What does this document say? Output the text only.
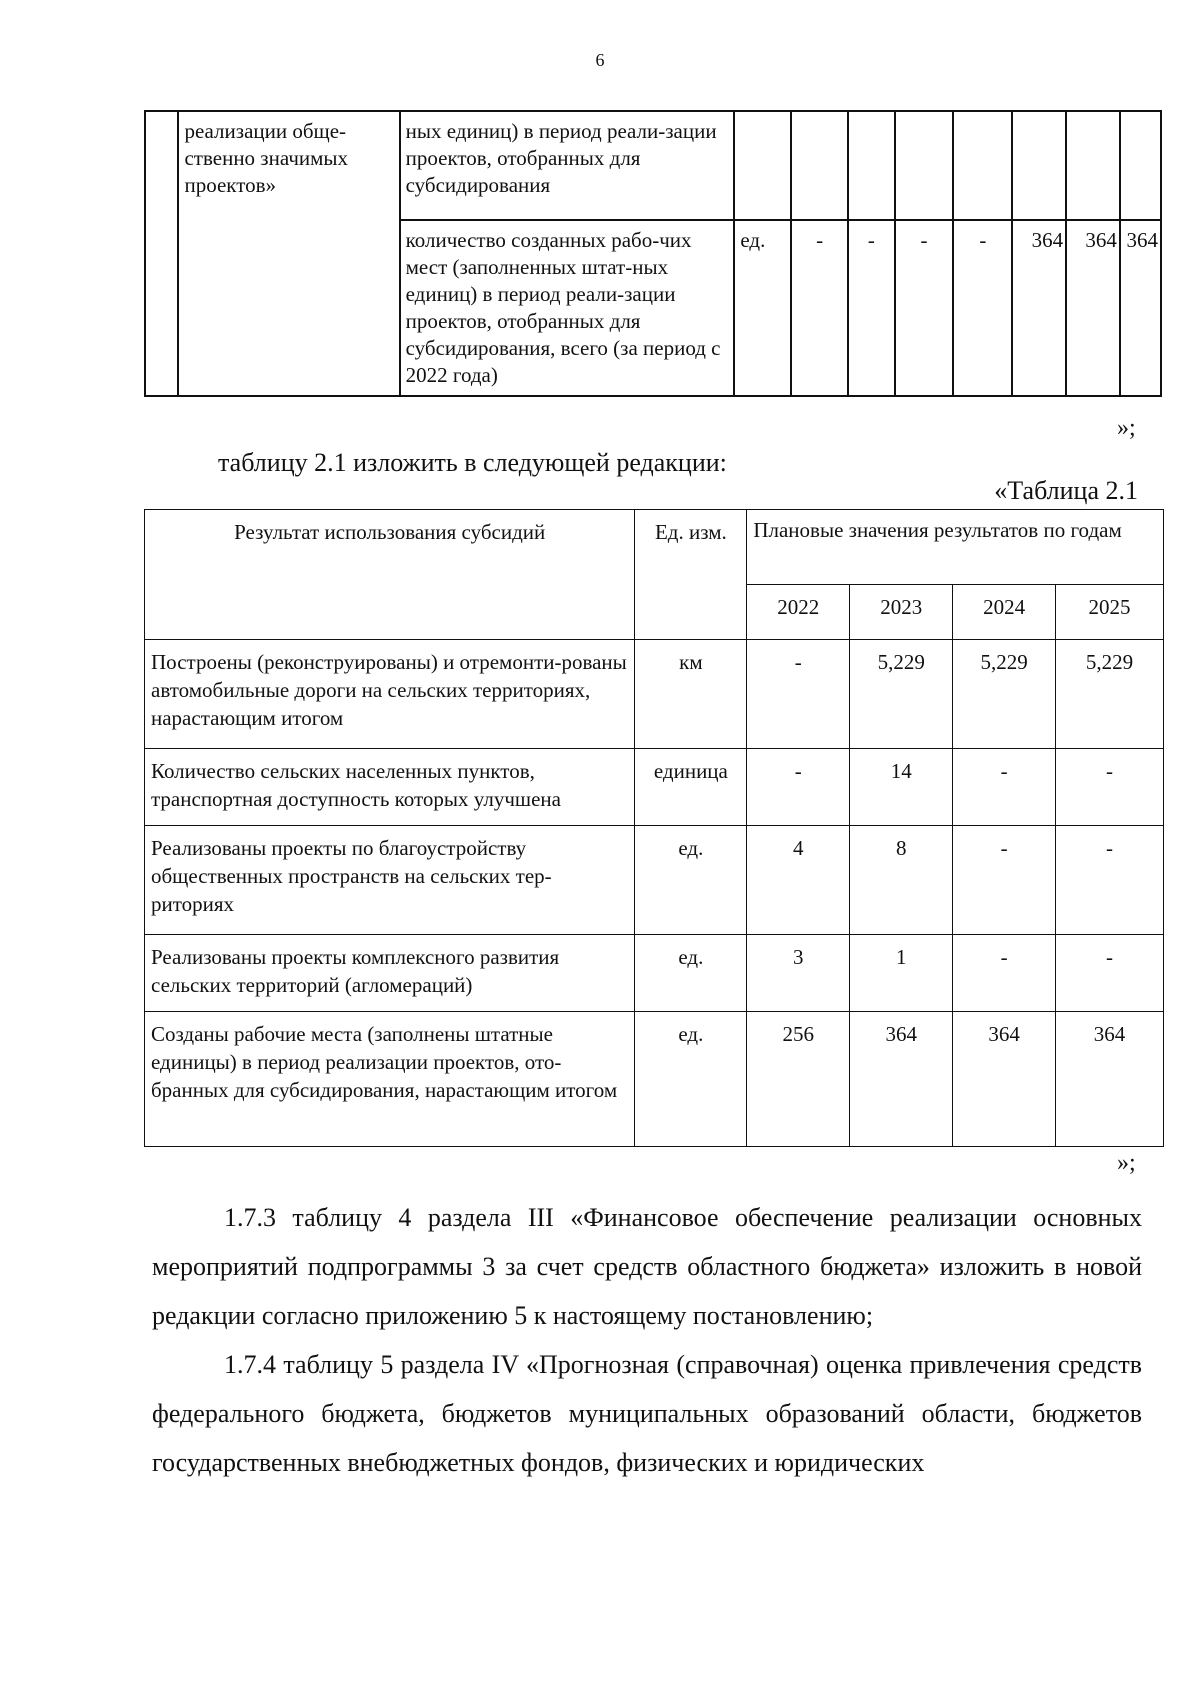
6
	реализации обще-ственно значимых проектов»	ных единиц) в период реали-зации проектов, отобранных для субсидирования								
		количество созданных рабо-чих мест (заполненных штат-ных единиц) в период реали-зации проектов, отобранных для субсидирования, всего (за период с 2022 года)	ед.	-	-	-	-	364	364	364
»;
таблицу 2.1 изложить в следующей редакции:
«Таблица 2.1
Результат использования субсидий	Ед. изм.	Плановые значения результатов по годам			
		2022	2023	2024	2025
Построены (реконструированы) и отремонти-рованы автомобильные дороги на сельских территориях, нарастающим итогом	км	-	5,229	5,229	5,229
Количество сельских населенных пунктов, транспортная доступность которых улучшена	единица	-	14	-	-
Реализованы проекты по благоустройству общественных пространств на сельских тер-риториях	ед.	4	8	-	-
Реализованы проекты комплексного развития сельских территорий (агломераций)	ед.	3	1	-	-
Созданы рабочие места (заполнены штатные единицы) в период реализации проектов, ото-бранных для субсидирования, нарастающим итогом	ед.	256	364	364	364
»;
1.7.3 таблицу 4 раздела III «Финансовое обеспечение реализации основных мероприятий подпрограммы 3 за счет средств областного бюджета» изложить в новой редакции согласно приложению 5 к настоящему постановлению;
1.7.4 таблицу 5 раздела IV «Прогнозная (справочная) оценка привлечения средств федерального бюджета, бюджетов муниципальных образований области, бюджетов государственных внебюджетных фондов, физических и юридических
